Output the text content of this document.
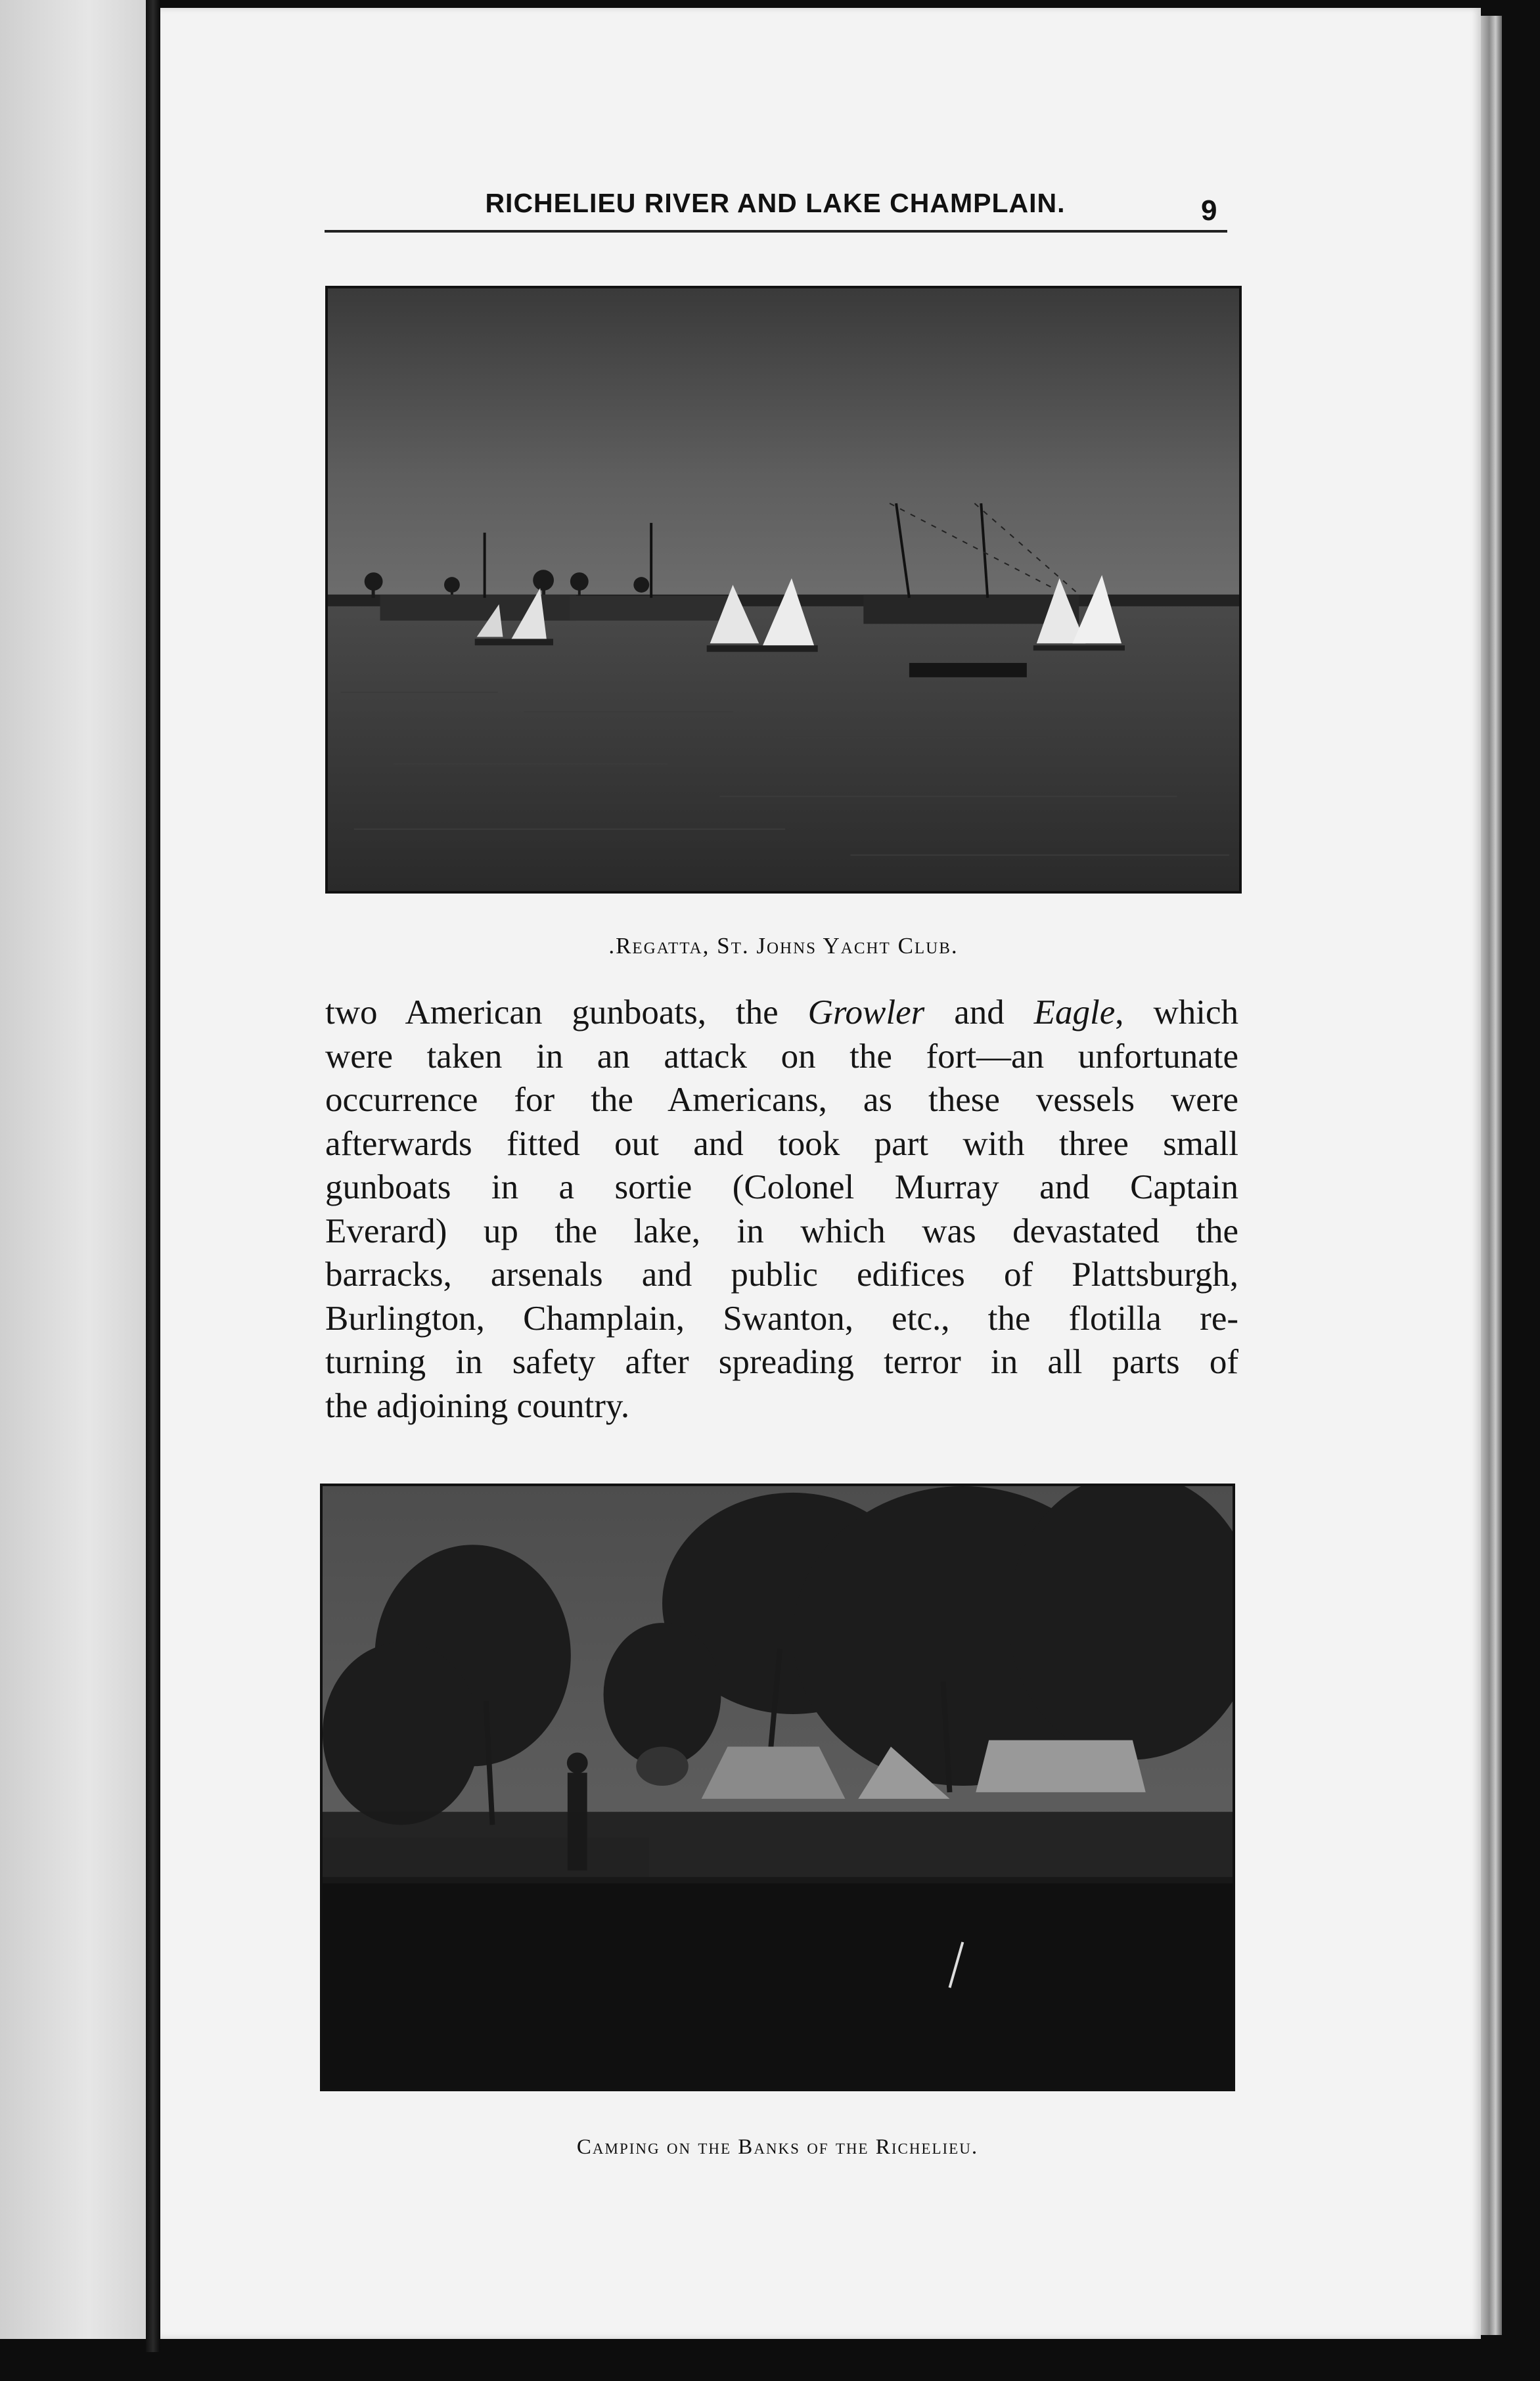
RICHELIEU RIVER AND LAKE CHAMPLAIN.	9
.Regatta, St. Johns Yacht Club.
two American gunboats, the Growler and Eagle, which
were taken in an attack on the fort—an unfortunate
occurrence for the Americans, as these vessels were
afterwards fitted out and took part with three small
gunboats in a sortie (Colonel Murray and Captain
Everard) up the lake, in which was devastated the
barracks, arsenals and public edifices of Plattsburgh,
Burlington, Champlain, Swanton, etc., the flotilla re-
turning in safety after spreading terror in all parts of
the adjoining country.
Camping on the Banks of the Richelieu.
